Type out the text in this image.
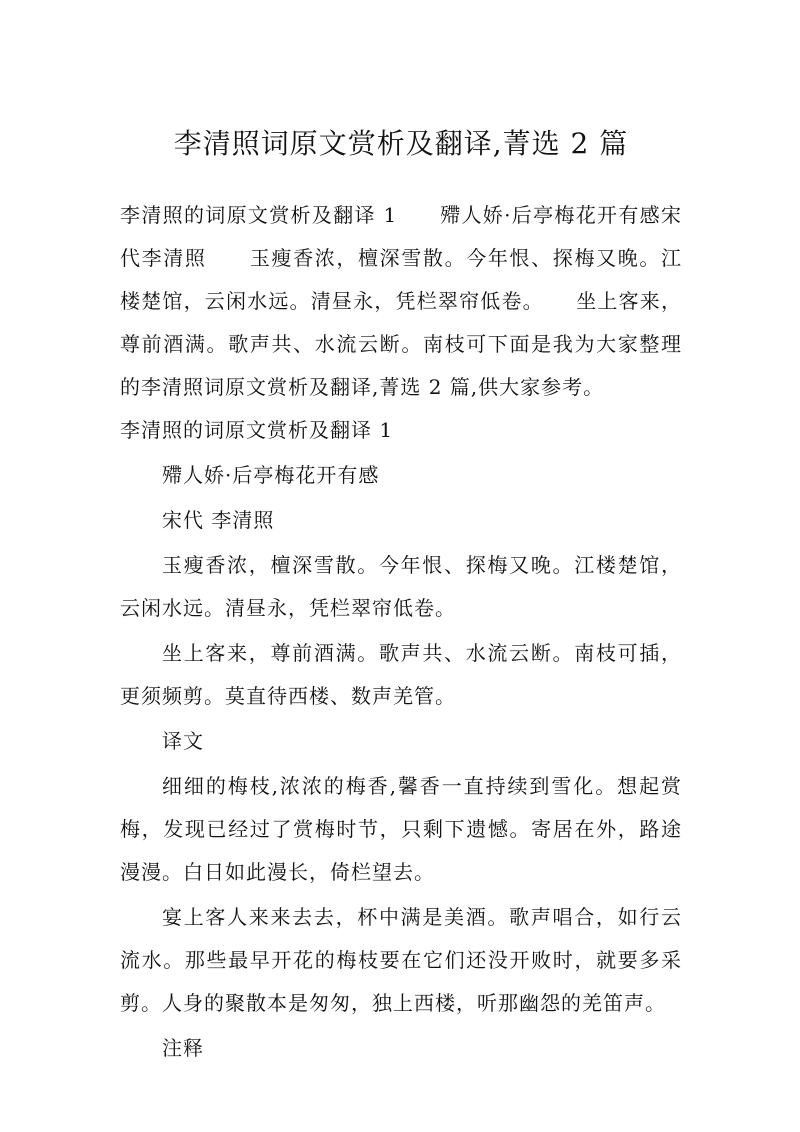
李清照词原文赏析及翻译,菁选 2 篇

李清照的词原文赏析及翻译 1　　殢人娇·后亭梅花开有感宋代李清照　　玉瘦香浓，檀深雪散。今年恨、探梅又晚。江楼楚馆，云闲水远。清昼永，凭栏翠帘低卷。　　坐上客来，尊前酒满。歌声共、水流云断。南枝可下面是我为大家整理的李清照词原文赏析及翻译,菁选 2 篇,供大家参考。

李清照的词原文赏析及翻译 1

殢人娇·后亭梅花开有感

宋代 李清照

玉瘦香浓，檀深雪散。今年恨、探梅又晚。江楼楚馆，云闲水远。清昼永，凭栏翠帘低卷。

坐上客来，尊前酒满。歌声共、水流云断。南枝可插，更须频剪。莫直待西楼、数声羌管。

译文

细细的梅枝,浓浓的梅香,馨香一直持续到雪化。想起赏梅，发现已经过了赏梅时节，只剩下遗憾。寄居在外，路途漫漫。白日如此漫长，倚栏望去。

宴上客人来来去去，杯中满是美酒。歌声唱合，如行云流水。那些最早开花的梅枝要在它们还没开败时，就要多采剪。人身的聚散本是匆匆，独上西楼，听那幽怨的羌笛声。

注释
